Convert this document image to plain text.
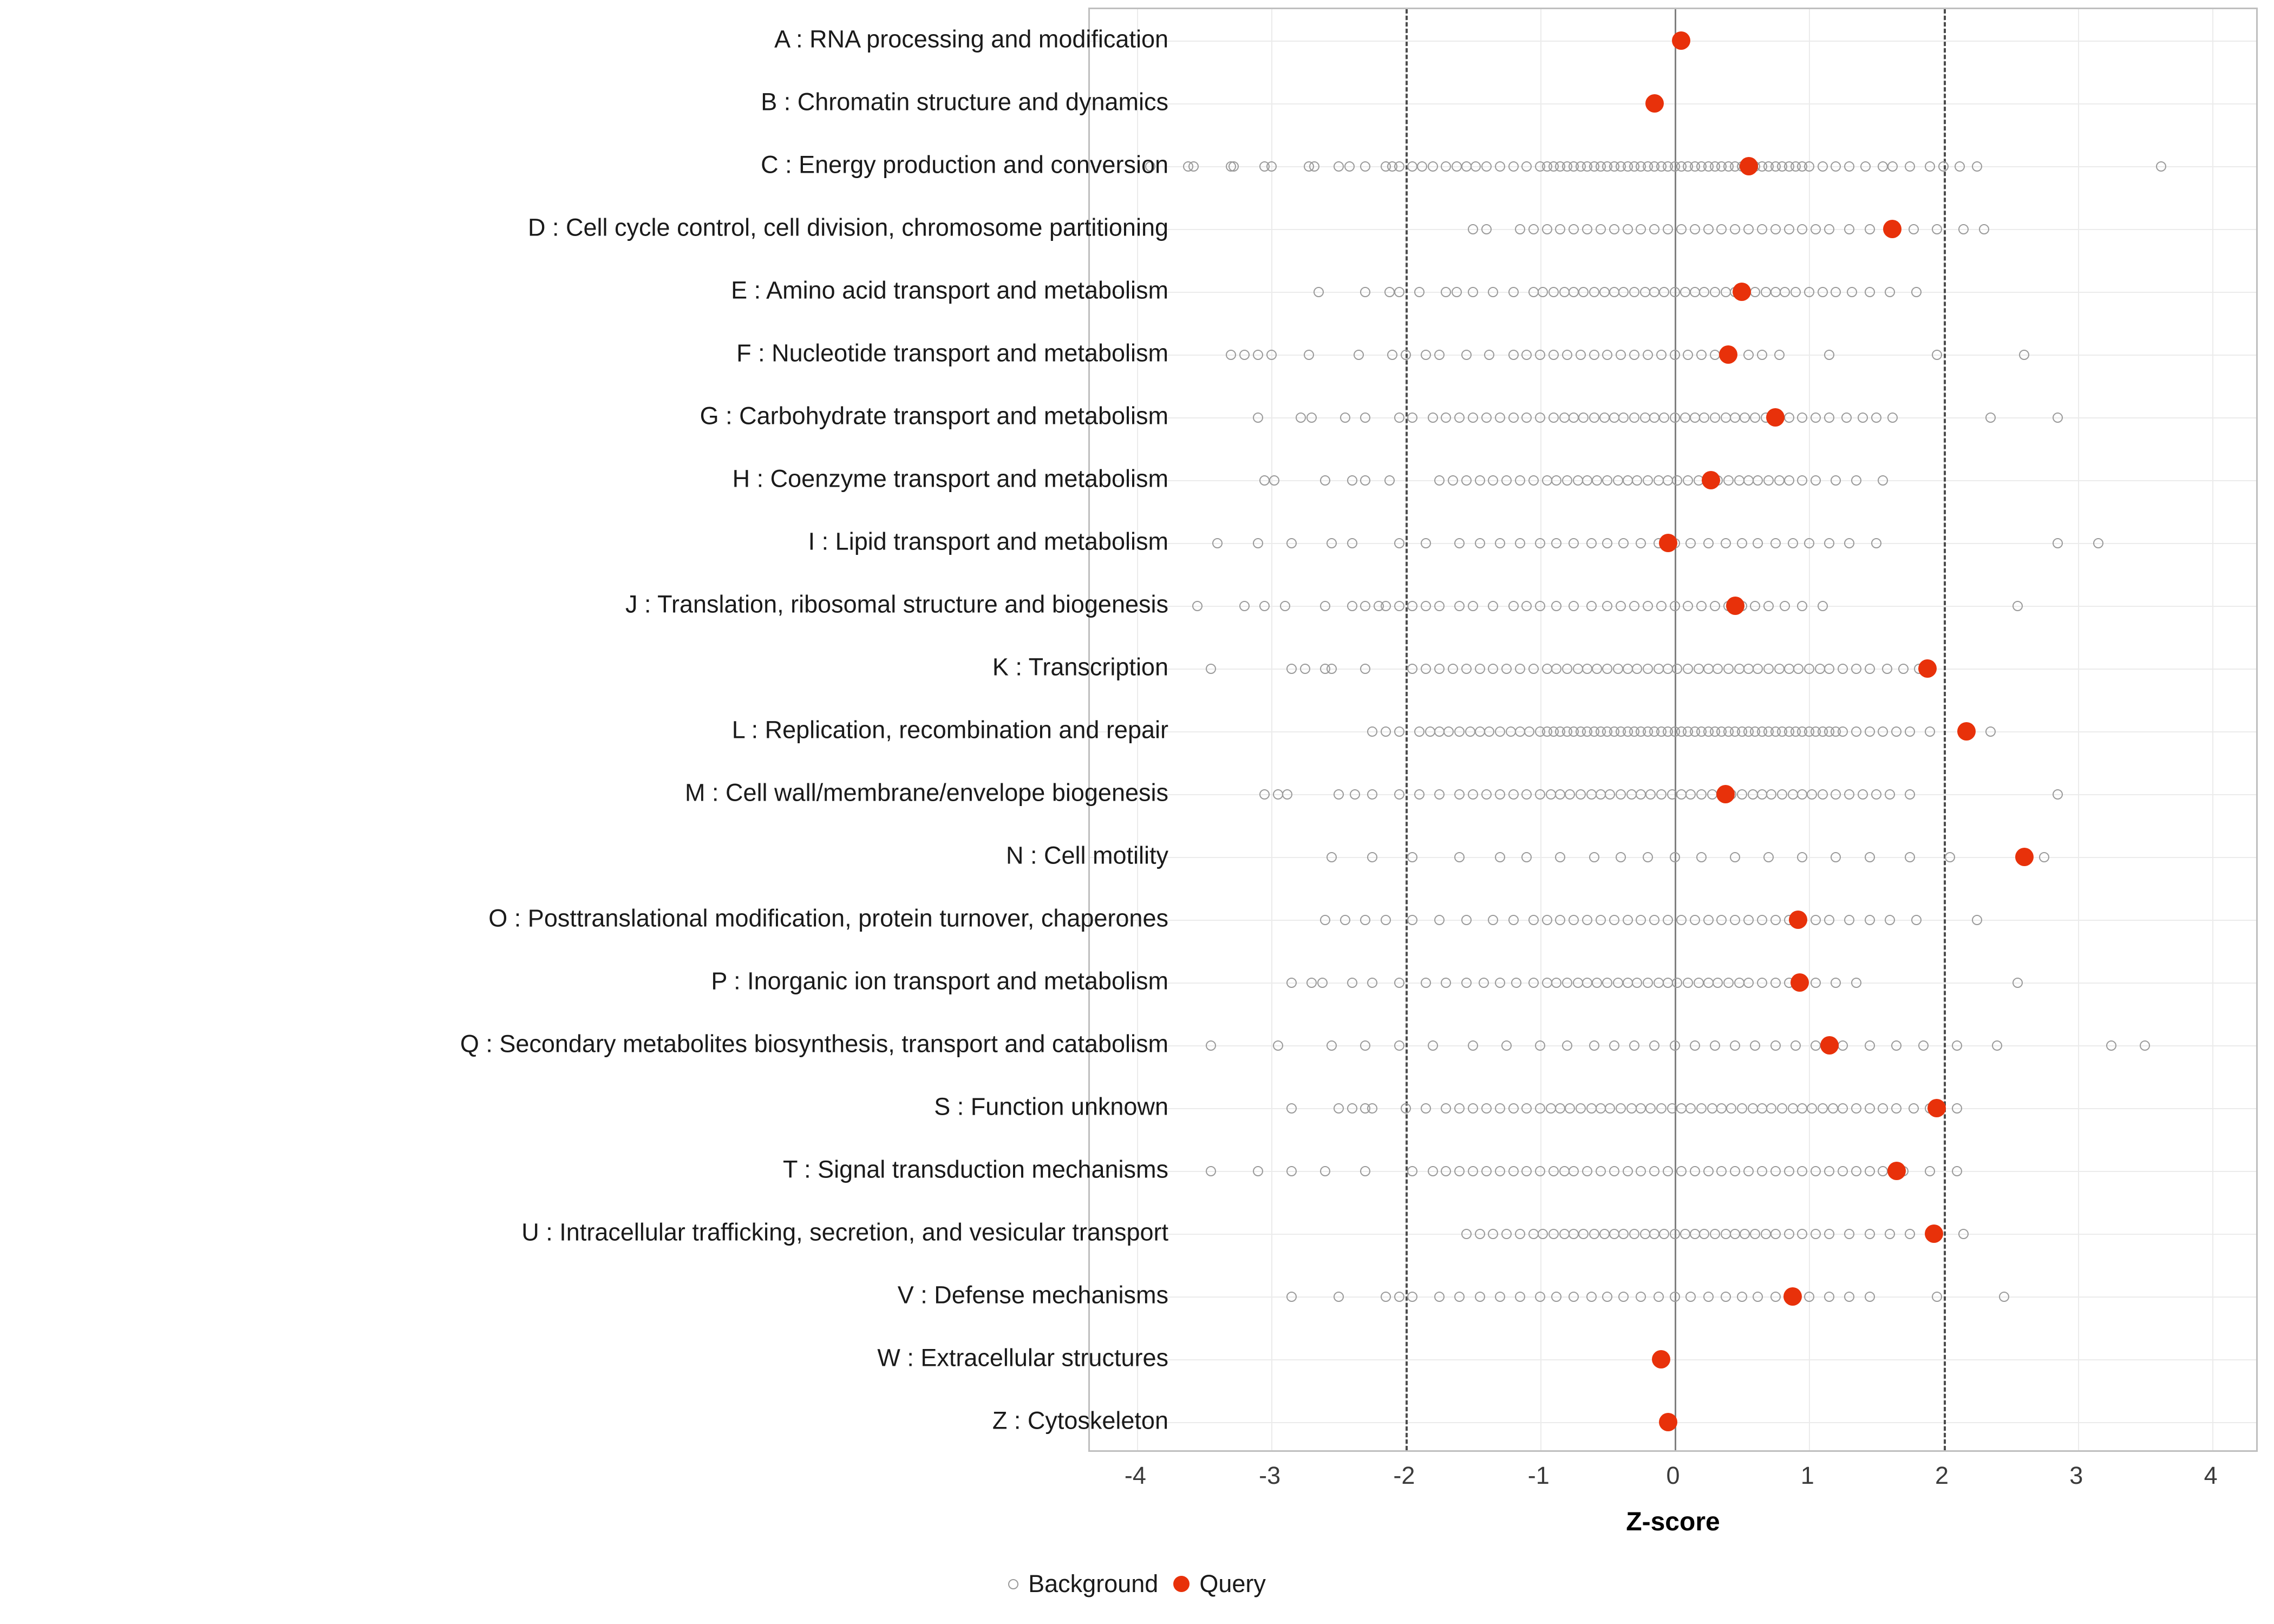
A : RNA processing and modification
B : Chromatin structure and dynamics
C : Energy production and conversion
D : Cell cycle control, cell division, chromosome partitioning
E : Amino acid transport and metabolism
F : Nucleotide transport and metabolism
G : Carbohydrate transport and metabolism
H : Coenzyme transport and metabolism
I : Lipid transport and metabolism
J : Translation, ribosomal structure and biogenesis
K : Transcription
L : Replication, recombination and repair
M : Cell wall/membrane/envelope biogenesis
N : Cell motility
O : Posttranslational modification, protein turnover, chaperones
P : Inorganic ion transport and metabolism
Q : Secondary metabolites biosynthesis, transport and catabolism
S : Function unknown
T : Signal transduction mechanisms
U : Intracellular trafficking, secretion, and vesicular transport
V : Defense mechanisms
W : Extracellular structures
Z : Cytoskeleton
-4	-3	-2	-1	0	1	2	3	4
Z-score
Background Query
